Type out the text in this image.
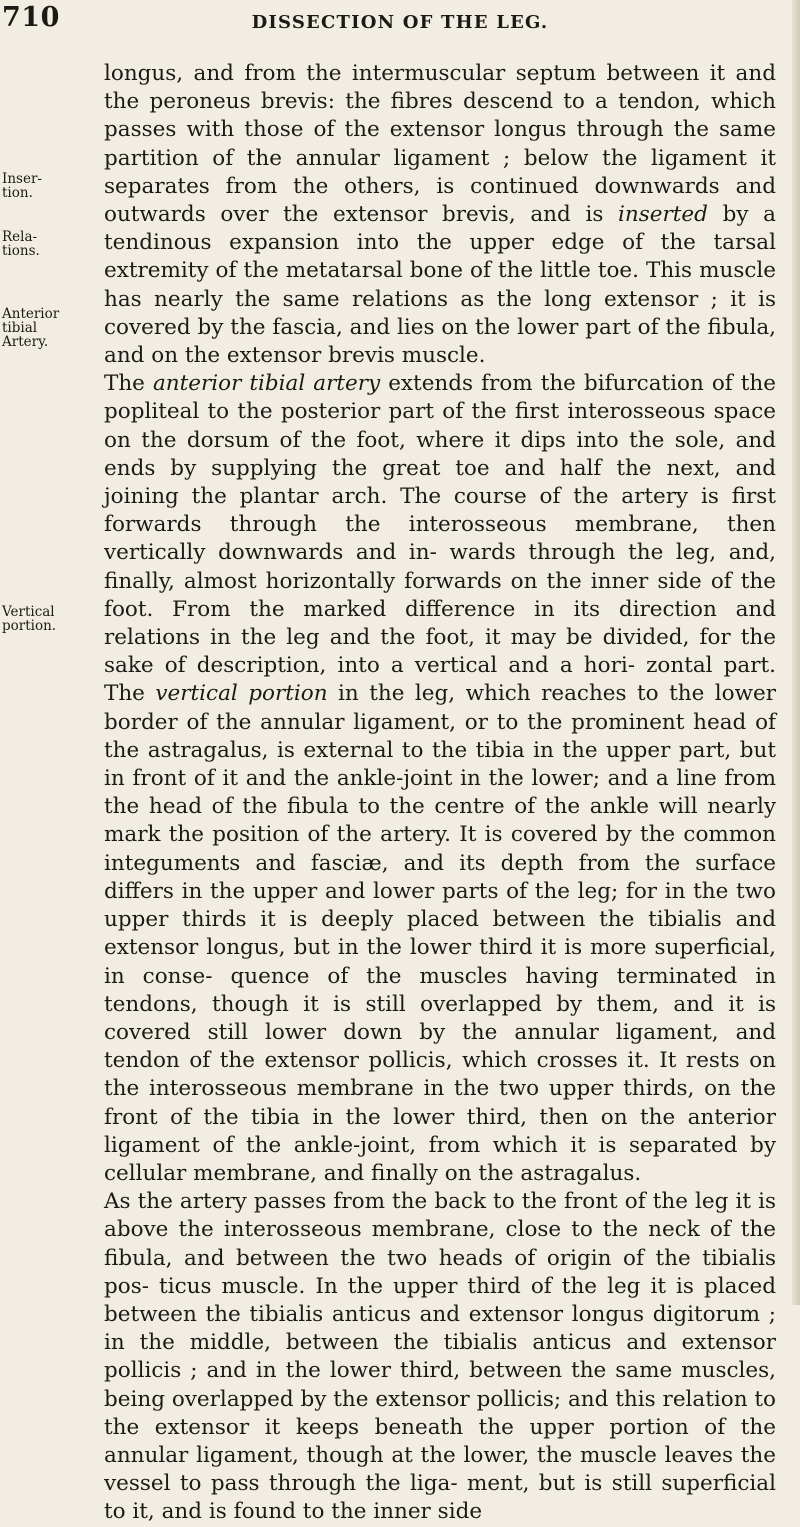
710	DISSECTION OF THE LEG.
Inser-
tion.
Rela-
tions.
Anterior
tibial
Artery.
Vertical
portion.

longus, and from the intermuscular septum between it and the peroneus brevis: the fibres descend to a tendon, which passes with those of the extensor longus through the same partition of the annular ligament ; below the ligament it separates from the others, is continued downwards and outwards over the extensor brevis, and is inserted by a tendinous expansion into the upper edge of the tarsal extremity of the metatarsal bone of the little toe. This muscle has nearly the same relations as the long extensor ; it is covered by the fascia, and lies on the lower part of the fibula, and on the extensor brevis muscle.

The anterior tibial artery extends from the bifurcation of the popliteal to the posterior part of the first interosseous space on the dorsum of the foot, where it dips into the sole, and ends by supplying the great toe and half the next, and joining the plantar arch. The course of the artery is first forwards through the interosseous membrane, then vertically downwards and in- wards through the leg, and, finally, almost horizontally forwards on the inner side of the foot. From the marked difference in its direction and relations in the leg and the foot, it may be divided, for the sake of description, into a vertical and a hori- zontal part. The vertical portion in the leg, which reaches to the lower border of the annular ligament, or to the prominent head of the astragalus, is external to the tibia in the upper part, but in front of it and the ankle-joint in the lower; and a line from the head of the fibula to the centre of the ankle will nearly mark the position of the artery. It is covered by the common integuments and fasciæ, and its depth from the surface differs in the upper and lower parts of the leg; for in the two upper thirds it is deeply placed between the tibialis and extensor longus, but in the lower third it is more superficial, in conse- quence of the muscles having terminated in tendons, though it is still overlapped by them, and it is covered still lower down by the annular ligament, and tendon of the extensor pollicis, which crosses it. It rests on the interosseous membrane in the two upper thirds, on the front of the tibia in the lower third, then on the anterior ligament of the ankle-joint, from which it is separated by cellular membrane, and finally on the astragalus.

As the artery passes from the back to the front of the leg it is above the interosseous membrane, close to the neck of the fibula, and between the two heads of origin of the tibialis pos- ticus muscle. In the upper third of the leg it is placed between the tibialis anticus and extensor longus digitorum ; in the middle, between the tibialis anticus and extensor pollicis ; and in the lower third, between the same muscles, being overlapped by the extensor pollicis; and this relation to the extensor it keeps beneath the upper portion of the annular ligament, though at the lower, the muscle leaves the vessel to pass through the liga- ment, but is still superficial to it, and is found to the inner side
